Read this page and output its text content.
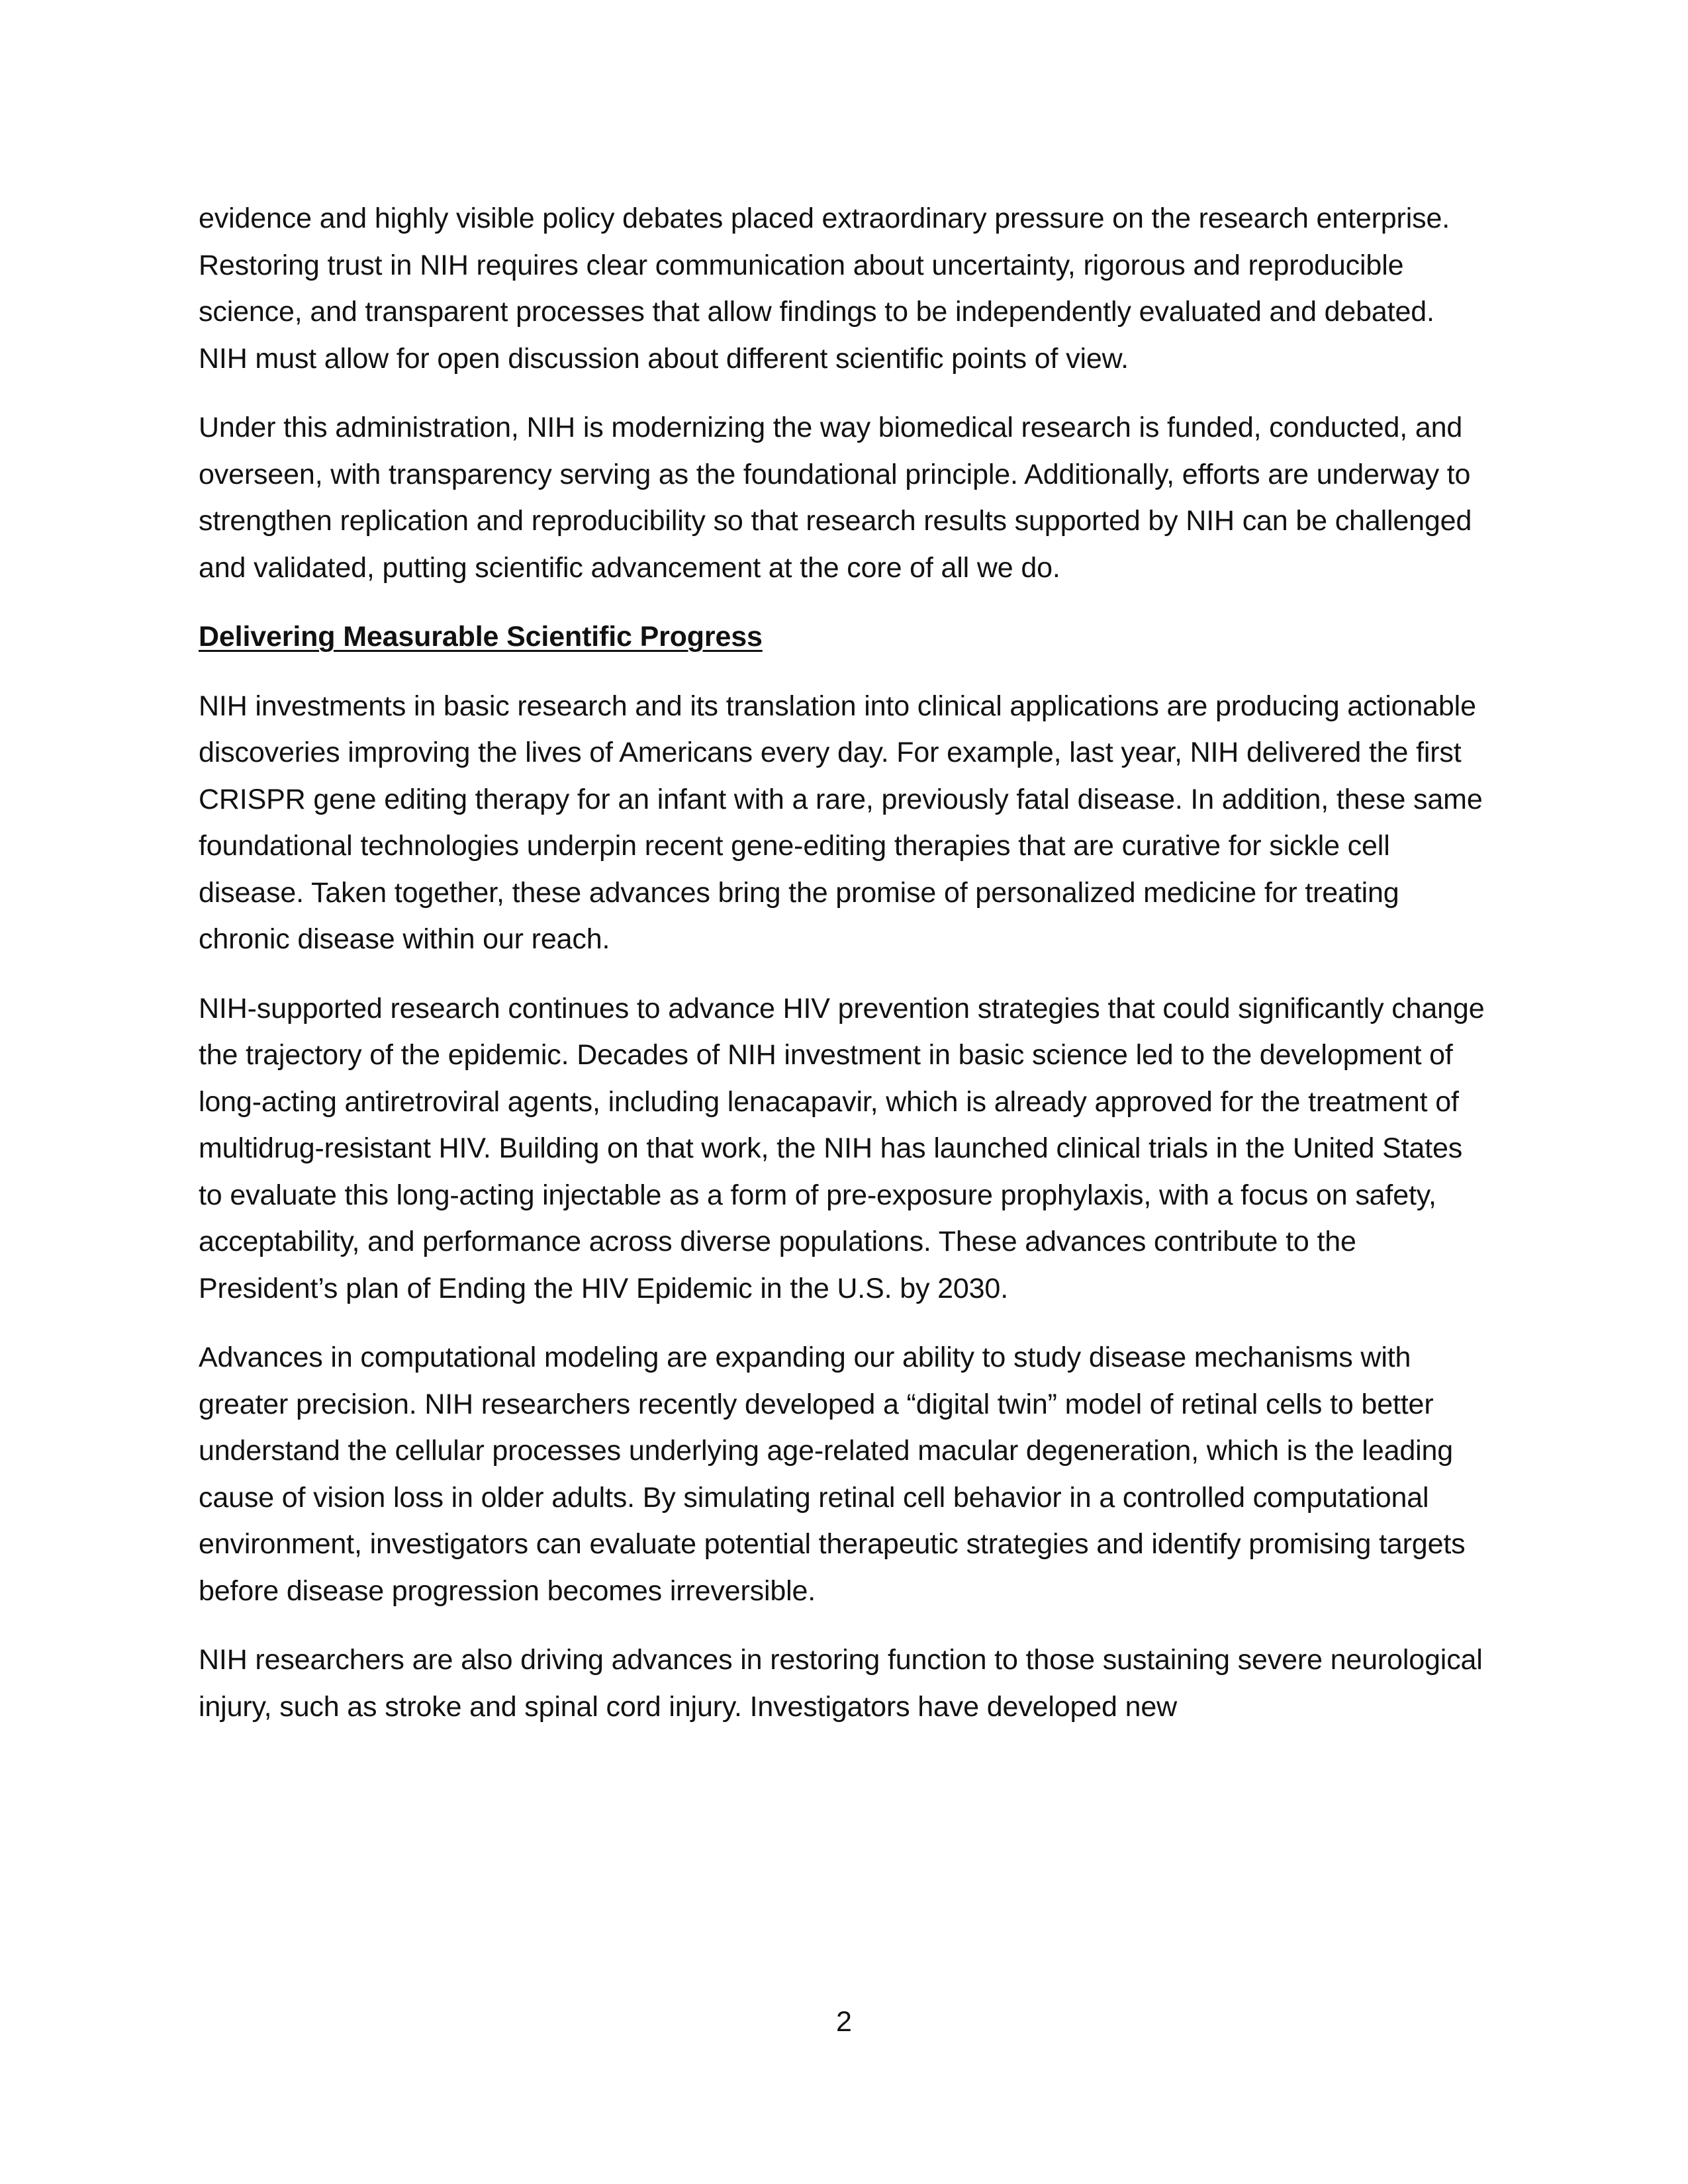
evidence and highly visible policy debates placed extraordinary pressure on the research enterprise. Restoring trust in NIH requires clear communication about uncertainty, rigorous and reproducible science, and transparent processes that allow findings to be independently evaluated and debated. NIH must allow for open discussion about different scientific points of view.

Under this administration, NIH is modernizing the way biomedical research is funded, conducted, and overseen, with transparency serving as the foundational principle. Additionally, efforts are underway to strengthen replication and reproducibility so that research results supported by NIH can be challenged and validated, putting scientific advancement at the core of all we do.

Delivering Measurable Scientific Progress

NIH investments in basic research and its translation into clinical applications are producing actionable discoveries improving the lives of Americans every day. For example, last year, NIH delivered the first CRISPR gene editing therapy for an infant with a rare, previously fatal disease. In addition, these same foundational technologies underpin recent gene-editing therapies that are curative for sickle cell disease. Taken together, these advances bring the promise of personalized medicine for treating chronic disease within our reach.

NIH-supported research continues to advance HIV prevention strategies that could significantly change the trajectory of the epidemic. Decades of NIH investment in basic science led to the development of long-acting antiretroviral agents, including lenacapavir, which is already approved for the treatment of multidrug-resistant HIV. Building on that work, the NIH has launched clinical trials in the United States to evaluate this long-acting injectable as a form of pre-exposure prophylaxis, with a focus on safety, acceptability, and performance across diverse populations. These advances contribute to the President’s plan of Ending the HIV Epidemic in the U.S. by 2030.

Advances in computational modeling are expanding our ability to study disease mechanisms with greater precision. NIH researchers recently developed a “digital twin” model of retinal cells to better understand the cellular processes underlying age-related macular degeneration, which is the leading cause of vision loss in older adults. By simulating retinal cell behavior in a controlled computational environment, investigators can evaluate potential therapeutic strategies and identify promising targets before disease progression becomes irreversible.

NIH researchers are also driving advances in restoring function to those sustaining severe neurological injury, such as stroke and spinal cord injury. Investigators have developed new

2
